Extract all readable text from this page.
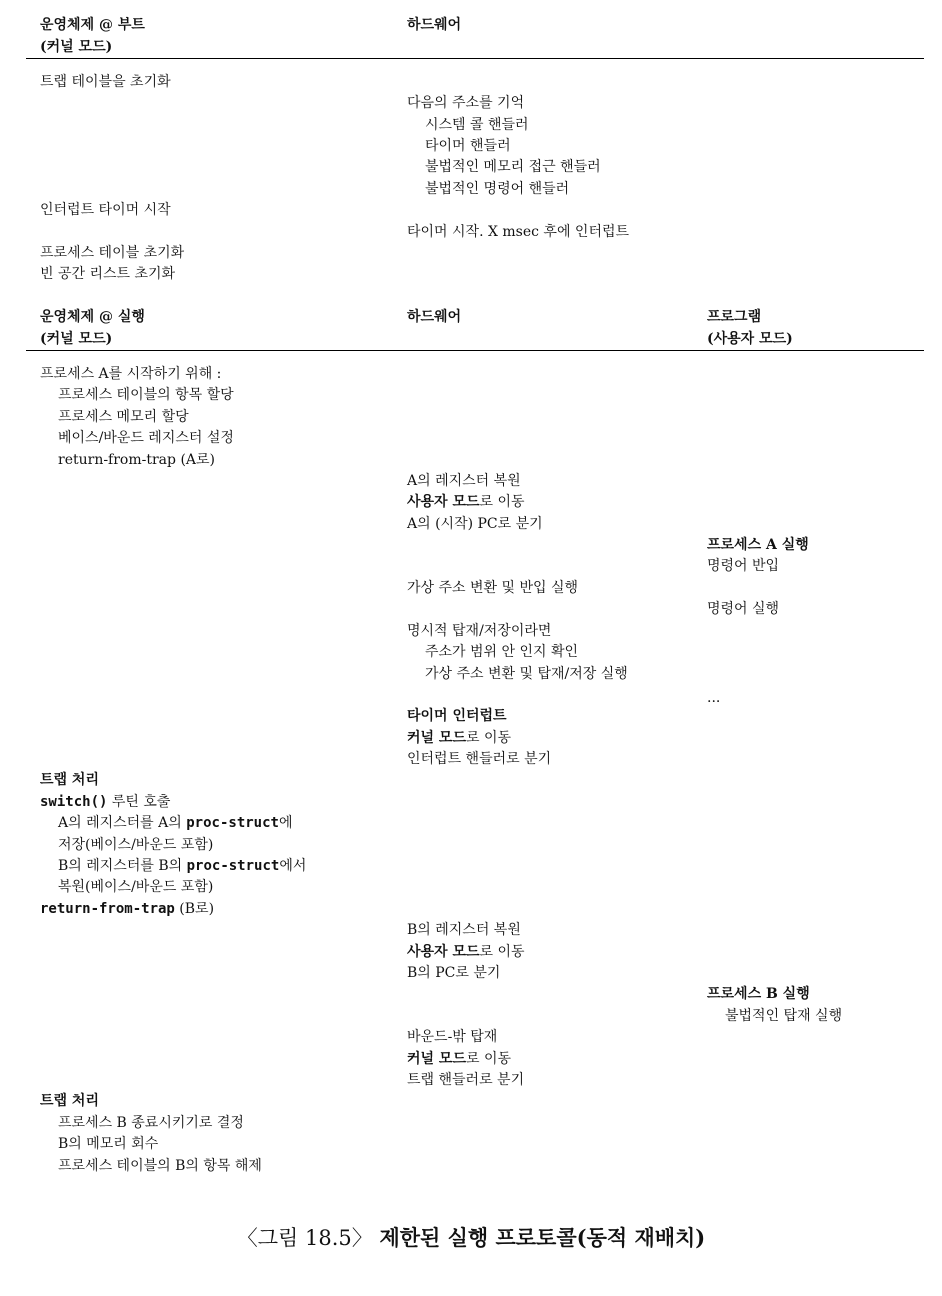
운영체제 @ 부트
(커널 모드)
하드웨어
트랩 테이블을 초기화
다음의 주소를 기억
시스템 콜 핸들러
타이머 핸들러
불법적인 메모리 접근 핸들러
불법적인 명령어 핸들러
인터럽트 타이머 시작
타이머 시작. X msec 후에 인터럽트
프로세스 테이블 초기화
빈 공간 리스트 초기화
운영체제 @ 실행
(커널 모드)
하드웨어	프로그램
(사용자 모드)
프로세스 A를 시작하기 위해 :
프로세스 테이블의 항목 할당
프로세스 메모리 할당
베이스/바운드 레지스터 설정
return-from-trap (A로)
A의 레지스터 복원
사용자 모드로 이동
A의 (시작) PC로 분기
프로세스 A 실행
명령어 반입
가상 주소 변환 및 반입 실행
명령어 실행
명시적 탑재/저장이라면
주소가 범위 안 인지 확인
가상 주소 변환 및 탑재/저장 실행
...
타이머 인터럽트
커널 모드로 이동
인터럽트 핸들러로 분기
트랩 처리
switch() 루틴 호출
A의 레지스터를 A의 proc-struct에
저장(베이스/바운드 포함)
B의 레지스터를 B의 proc-struct에서
복원(베이스/바운드 포함)
return-from-trap (B로)
B의 레지스터 복원
사용자 모드로 이동
B의 PC로 분기
프로세스 B 실행
불법적인 탑재 실행
바운드-밖 탑재
커널 모드로 이동
트랩 핸들러로 분기
트랩 처리
프로세스 B 종료시키기로 결정
B의 메모리 회수
프로세스 테이블의 B의 항목 해제
〈그림 18.5〉 제한된 실행 프로토콜(동적 재배치)
